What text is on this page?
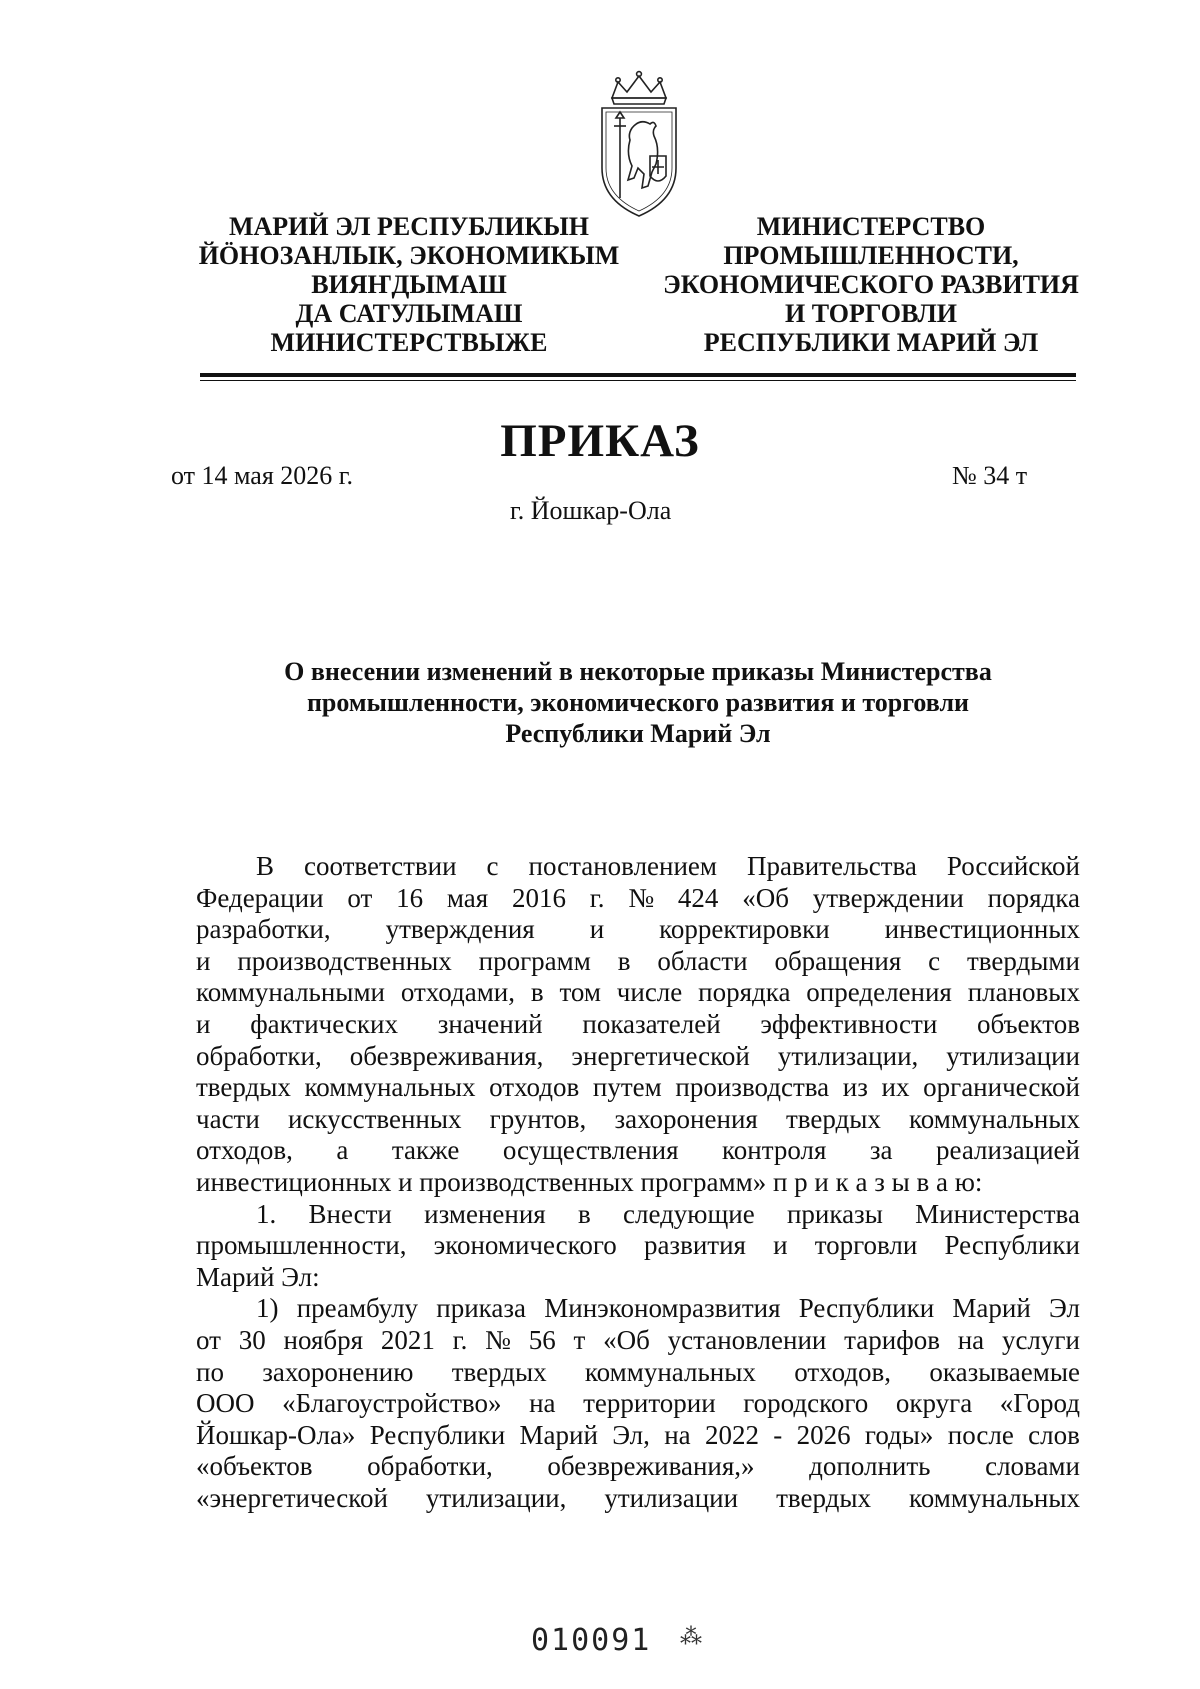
МАРИЙ ЭЛ РЕСПУБЛИКЫН
ЙÖНОЗАНЛЫК, ЭКОНОМИКЫМ
ВИЯҤДЫМАШ
ДА САТУЛЫМАШ
МИНИСТЕРСТВЫЖЕ
МИНИСТЕРСТВО
ПРОМЫШЛЕННОСТИ,
ЭКОНОМИЧЕСКОГО РАЗВИТИЯ
И ТОРГОВЛИ
РЕСПУБЛИКИ МАРИЙ ЭЛ
ПРИКАЗ
от 14 мая 2026 г.	№ 34 т
г. Йошкар-Ола
О внесении изменений в некоторые приказы Министерства
промышленности, экономического развития и торговли
Республики Марий Эл
В соответствии с постановлением Правительства Российской
Федерации от 16 мая 2016 г. № 424 «Об утверждении порядка
разработки, утверждения и корректировки инвестиционных
и производственных программ в области обращения с твердыми
коммунальными отходами, в том числе порядка определения плановых
и фактических значений показателей эффективности объектов
обработки, обезвреживания, энергетической утилизации, утилизации
твердых коммунальных отходов путем производства из их органической
части искусственных грунтов, захоронения твердых коммунальных
отходов, а также осуществления контроля за реализацией
инвестиционных и производственных программ» п р и к а з ы в а ю:
1. Внести изменения в следующие приказы Министерства
промышленности, экономического развития и торговли Республики
Марий Эл:
1) преамбулу приказа Минэкономразвития Республики Марий Эл
от 30 ноября 2021 г. № 56 т «Об установлении тарифов на услуги
по захоронению твердых коммунальных отходов, оказываемые
ООО «Благоустройство» на территории городского округа «Город
Йошкар-Ола» Республики Марий Эл, на 2022 - 2026 годы» после слов
«объектов обработки, обезвреживания,» дополнить словами
«энергетической утилизации, утилизации твердых коммунальных
010091 ⁂
